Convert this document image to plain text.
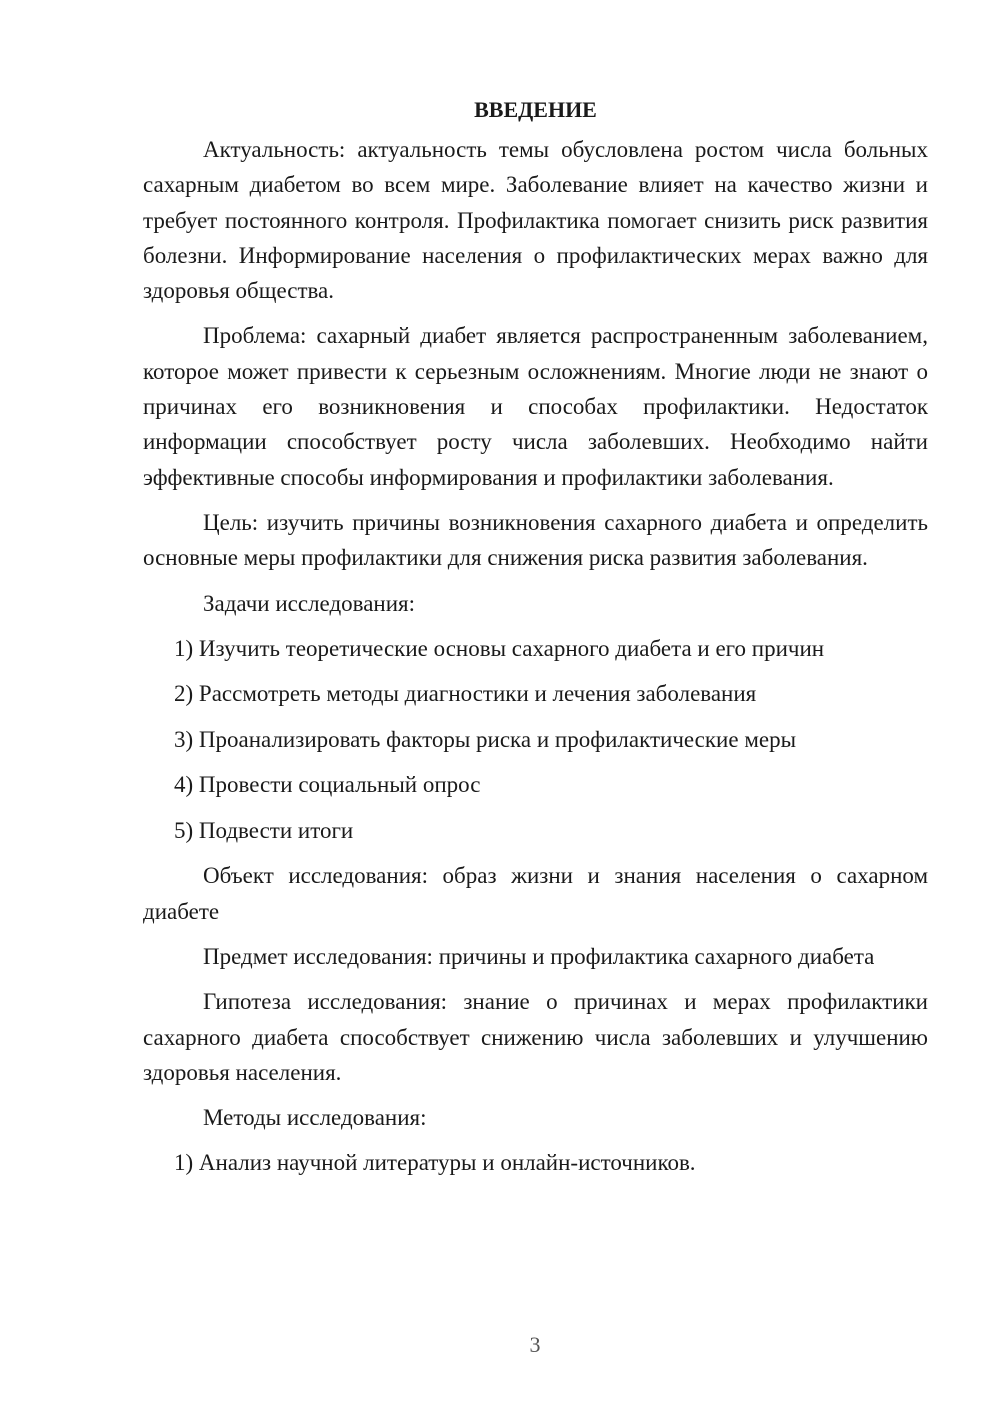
ВВЕДЕНИЕ

Актуальность: актуальность темы обусловлена ростом числа больных сахарным диабетом во всем мире. Заболевание влияет на качество жизни и требует постоянного контроля. Профилактика помогает снизить риск развития болезни. Информирование населения о профилактических мерах важно для здоровья общества.

Проблема: сахарный диабет является распространенным заболеванием, которое может привести к серьезным осложнениям. Многие люди не знают о причинах его возникновения и способах профилактики. Недостаток информации способствует росту числа заболевших. Необходимо найти эффективные способы информирования и профилактики заболевания.

Цель: изучить причины возникновения сахарного диабета и определить основные меры профилактики для снижения риска развития заболевания.

Задачи исследования:

1) Изучить теоретические основы сахарного диабета и его причин
2) Рассмотреть методы диагностики и лечения заболевания
3) Проанализировать факторы риска и профилактические меры
4) Провести социальный опрос
5) Подвести итоги

Объект исследования: образ жизни и знания населения о сахарном диабете

Предмет исследования: причины и профилактика сахарного диабета

Гипотеза исследования: знание о причинах и мерах профилактики сахарного диабета способствует снижению числа заболевших и улучшению здоровья населения.

Методы исследования:

1) Анализ научной литературы и онлайн-источников.
3
